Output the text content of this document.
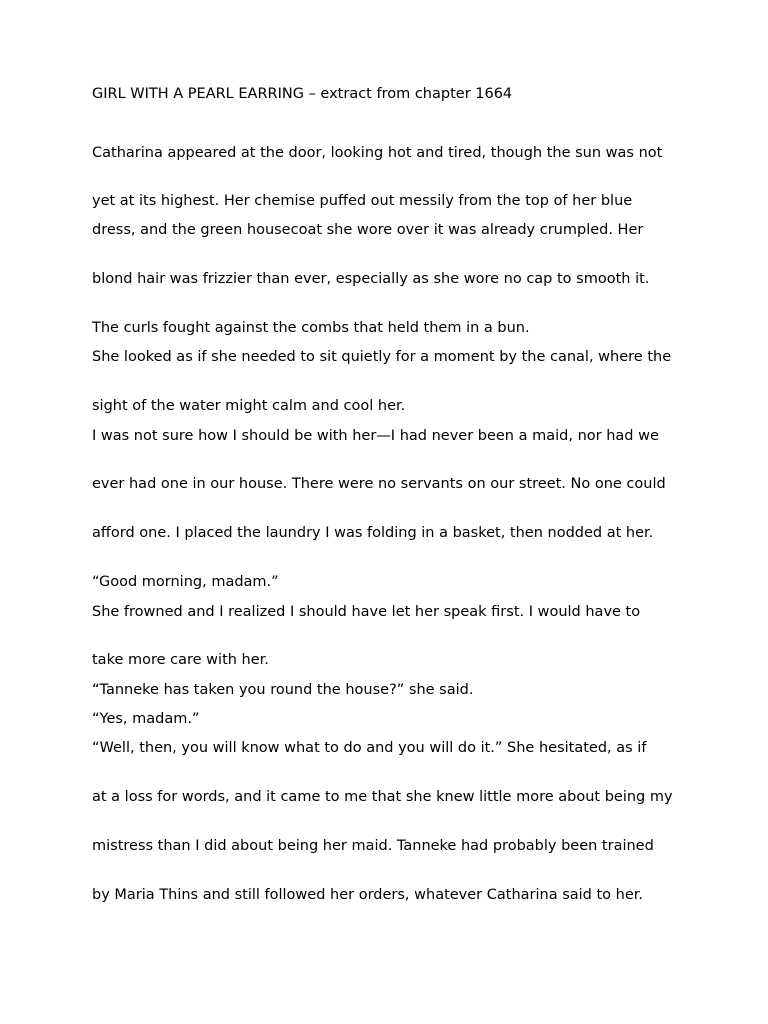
GIRL WITH A PEARL EARRING – extract from chapter 1664

Catharina appeared at the door, looking hot and tired, though the sun was not

yet at its highest. Her chemise puffed out messily from the top of her blue

dress, and the green housecoat she wore over it was already crumpled. Her

blond hair was frizzier than ever, especially as she wore no cap to smooth it.

The curls fought against the combs that held them in a bun.

She looked as if she needed to sit quietly for a moment by the canal, where the

sight of the water might calm and cool her.

I was not sure how I should be with her—I had never been a maid, nor had we

ever had one in our house. There were no servants on our street. No one could

afford one. I placed the laundry I was folding in a basket, then nodded at her.

“Good morning, madam.”

She frowned and I realized I should have let her speak first. I would have to

take more care with her.

“Tanneke has taken you round the house?” she said.

“Yes, madam.”

“Well, then, you will know what to do and you will do it.” She hesitated, as if

at a loss for words, and it came to me that she knew little more about being my

mistress than I did about being her maid. Tanneke had probably been trained

by Maria Thins and still followed her orders, whatever Catharina said to her.
